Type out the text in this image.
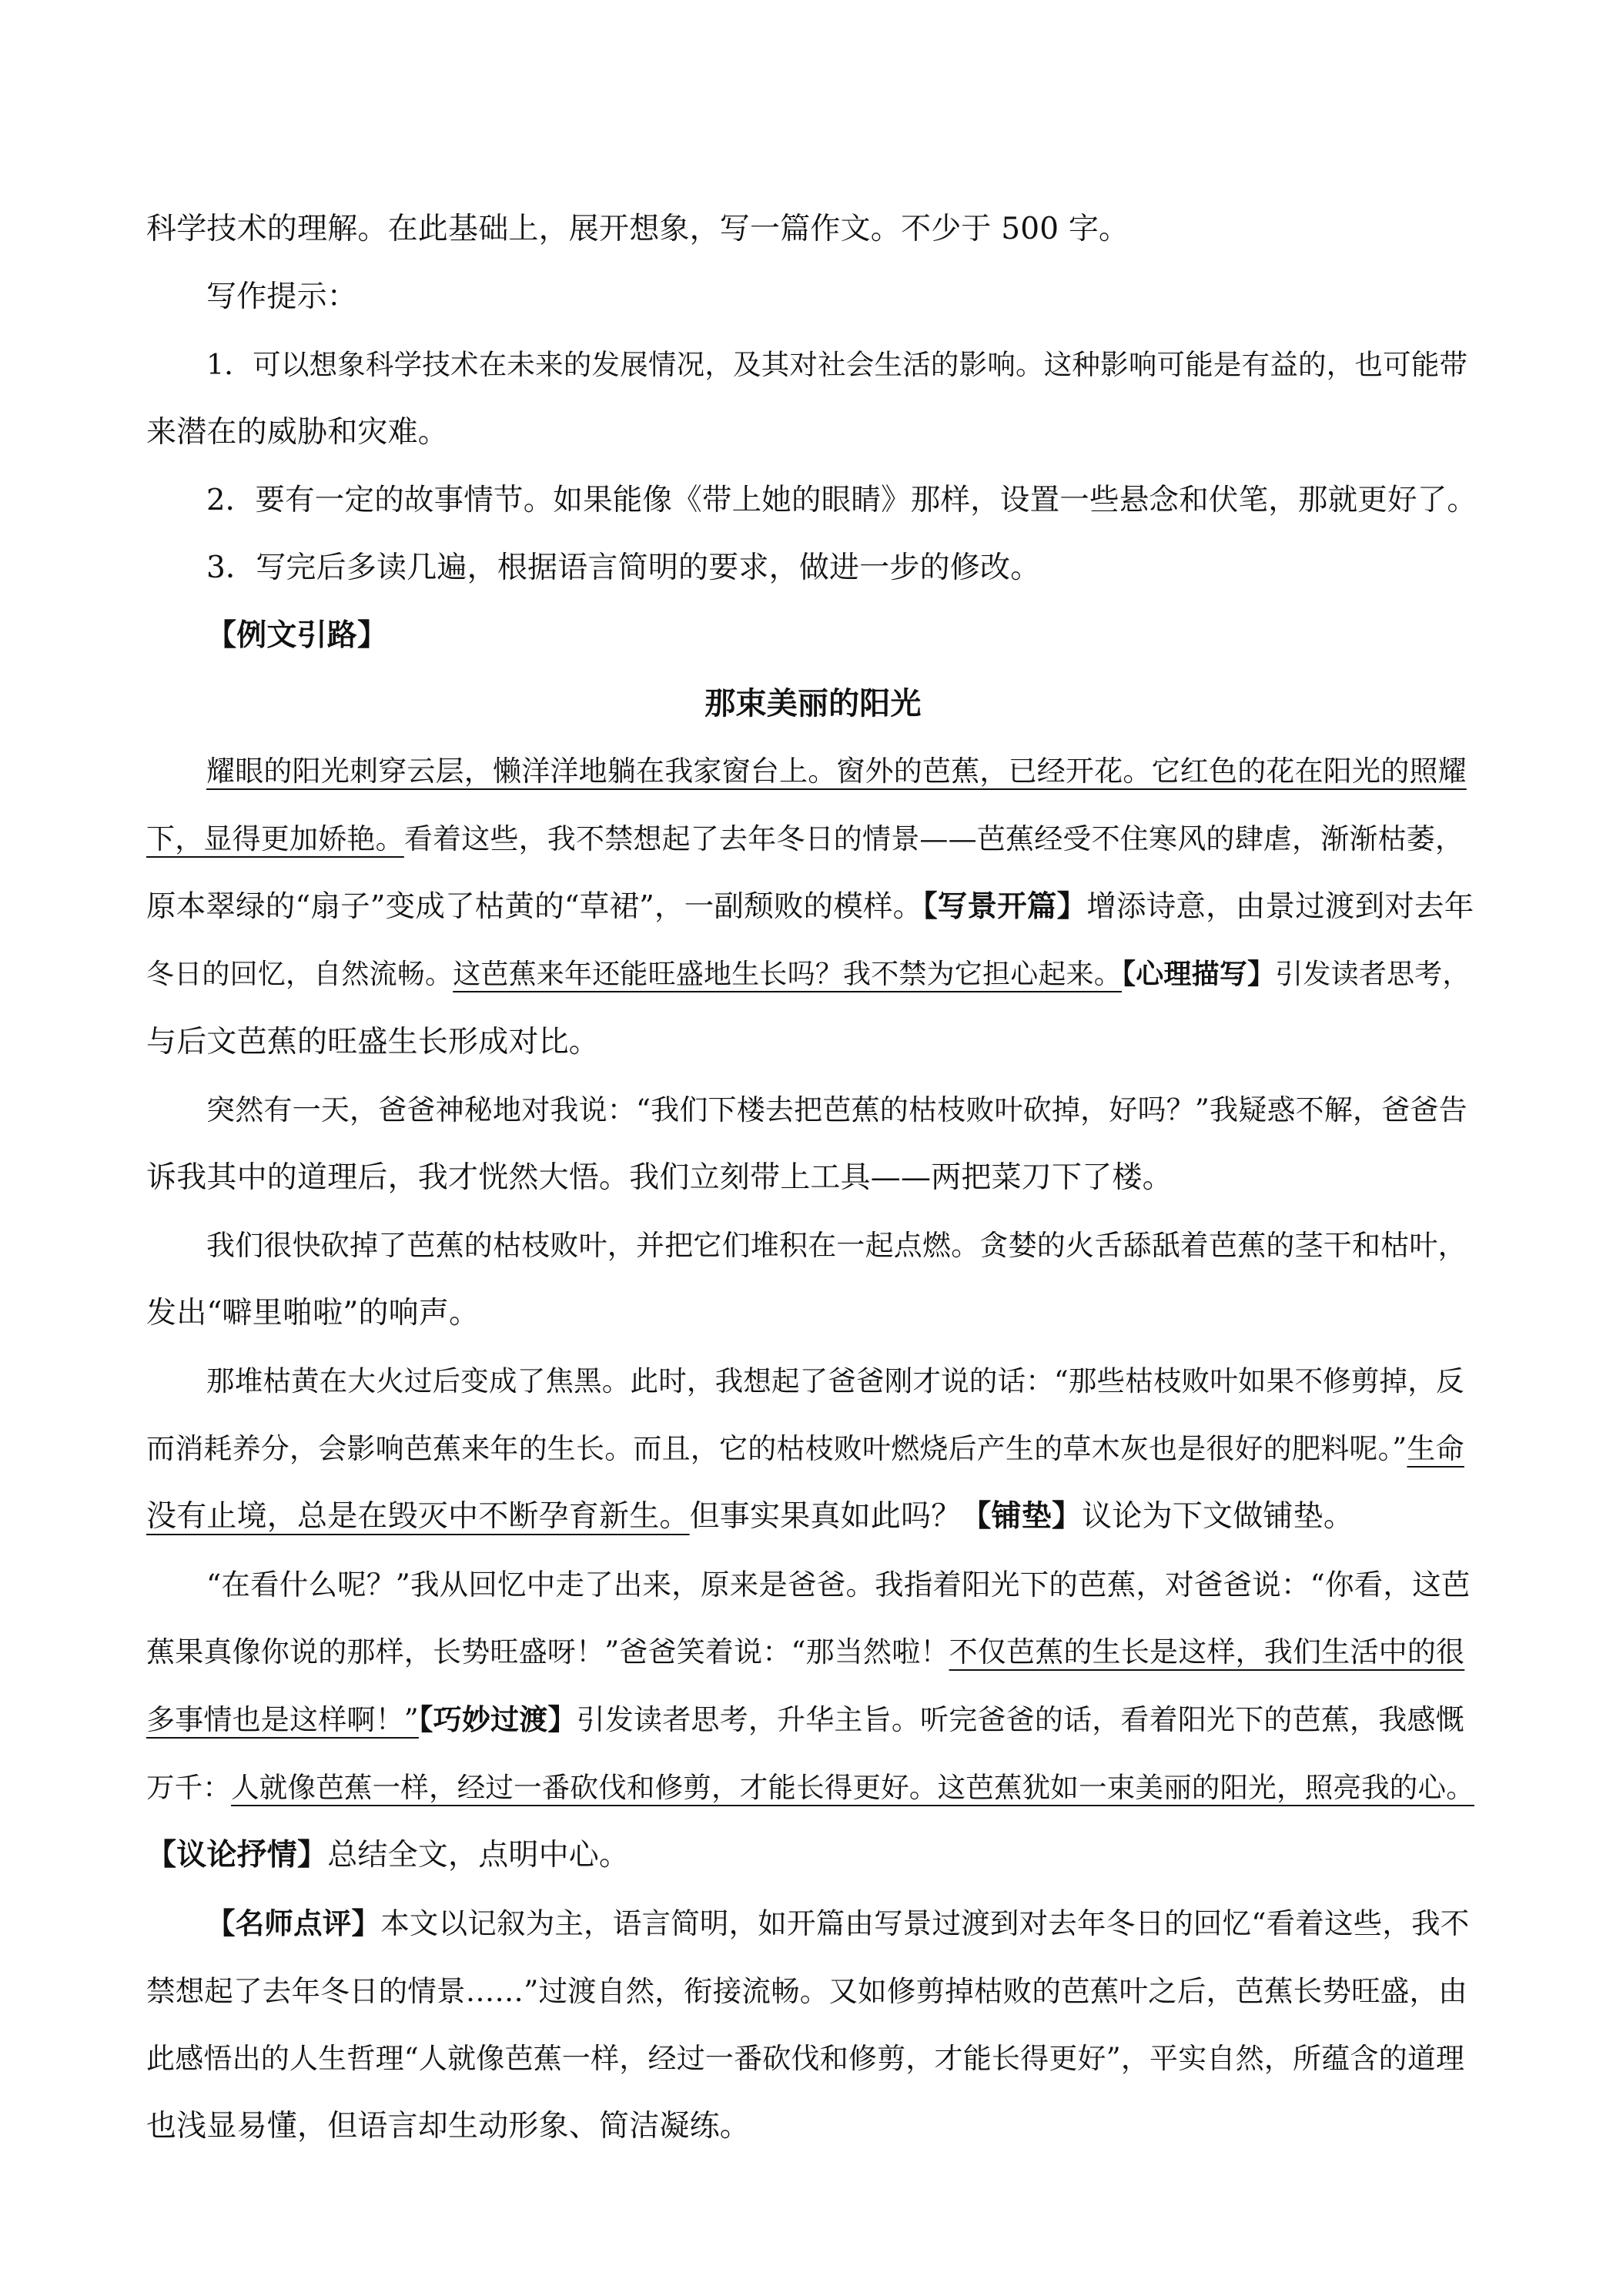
科学技术的理解。在此基础上，展开想象，写一篇作文。不少于 500 字。
写作提示：
1．可以想象科学技术在未来的发展情况，及其对社会生活的影响。这种影响可能是有益的，也可能带
来潜在的威胁和灾难。
2．要有一定的故事情节。如果能像《带上她的眼睛》那样，设置一些悬念和伏笔，那就更好了。
3．写完后多读几遍，根据语言简明的要求，做进一步的修改。
【例文引路】
那束美丽的阳光
耀眼的阳光刺穿云层，懒洋洋地躺在我家窗台上。窗外的芭蕉，已经开花。它红色的花在阳光的照耀
下，显得更加娇艳。看着这些，我不禁想起了去年冬日的情景——芭蕉经受不住寒风的肆虐，渐渐枯萎，
原本翠绿的“扇子”变成了枯黄的“草裙”，一副颓败的模样。【写景开篇】增添诗意，由景过渡到对去年
冬日的回忆，自然流畅。这芭蕉来年还能旺盛地生长吗？我不禁为它担心起来。【心理描写】引发读者思考，
与后文芭蕉的旺盛生长形成对比。
突然有一天，爸爸神秘地对我说：“我们下楼去把芭蕉的枯枝败叶砍掉，好吗？”我疑惑不解，爸爸告
诉我其中的道理后，我才恍然大悟。我们立刻带上工具——两把菜刀下了楼。
我们很快砍掉了芭蕉的枯枝败叶，并把它们堆积在一起点燃。贪婪的火舌舔舐着芭蕉的茎干和枯叶，
发出“噼里啪啦”的响声。
那堆枯黄在大火过后变成了焦黑。此时，我想起了爸爸刚才说的话：“那些枯枝败叶如果不修剪掉，反
而消耗养分，会影响芭蕉来年的生长。而且，它的枯枝败叶燃烧后产生的草木灰也是很好的肥料呢。”生命
没有止境，总是在毁灭中不断孕育新生。但事实果真如此吗？【铺垫】议论为下文做铺垫。
“在看什么呢？”我从回忆中走了出来，原来是爸爸。我指着阳光下的芭蕉，对爸爸说：“你看，这芭
蕉果真像你说的那样，长势旺盛呀！”爸爸笑着说：“那当然啦！不仅芭蕉的生长是这样，我们生活中的很
多事情也是这样啊！”【巧妙过渡】引发读者思考，升华主旨。听完爸爸的话，看着阳光下的芭蕉，我感慨
万千：人就像芭蕉一样，经过一番砍伐和修剪，才能长得更好。这芭蕉犹如一束美丽的阳光，照亮我的心。
【议论抒情】总结全文，点明中心。
【名师点评】本文以记叙为主，语言简明，如开篇由写景过渡到对去年冬日的回忆“看着这些，我不
禁想起了去年冬日的情景……”过渡自然，衔接流畅。又如修剪掉枯败的芭蕉叶之后，芭蕉长势旺盛，由
此感悟出的人生哲理“人就像芭蕉一样，经过一番砍伐和修剪，才能长得更好”，平实自然，所蕴含的道理
也浅显易懂，但语言却生动形象、简洁凝练。
